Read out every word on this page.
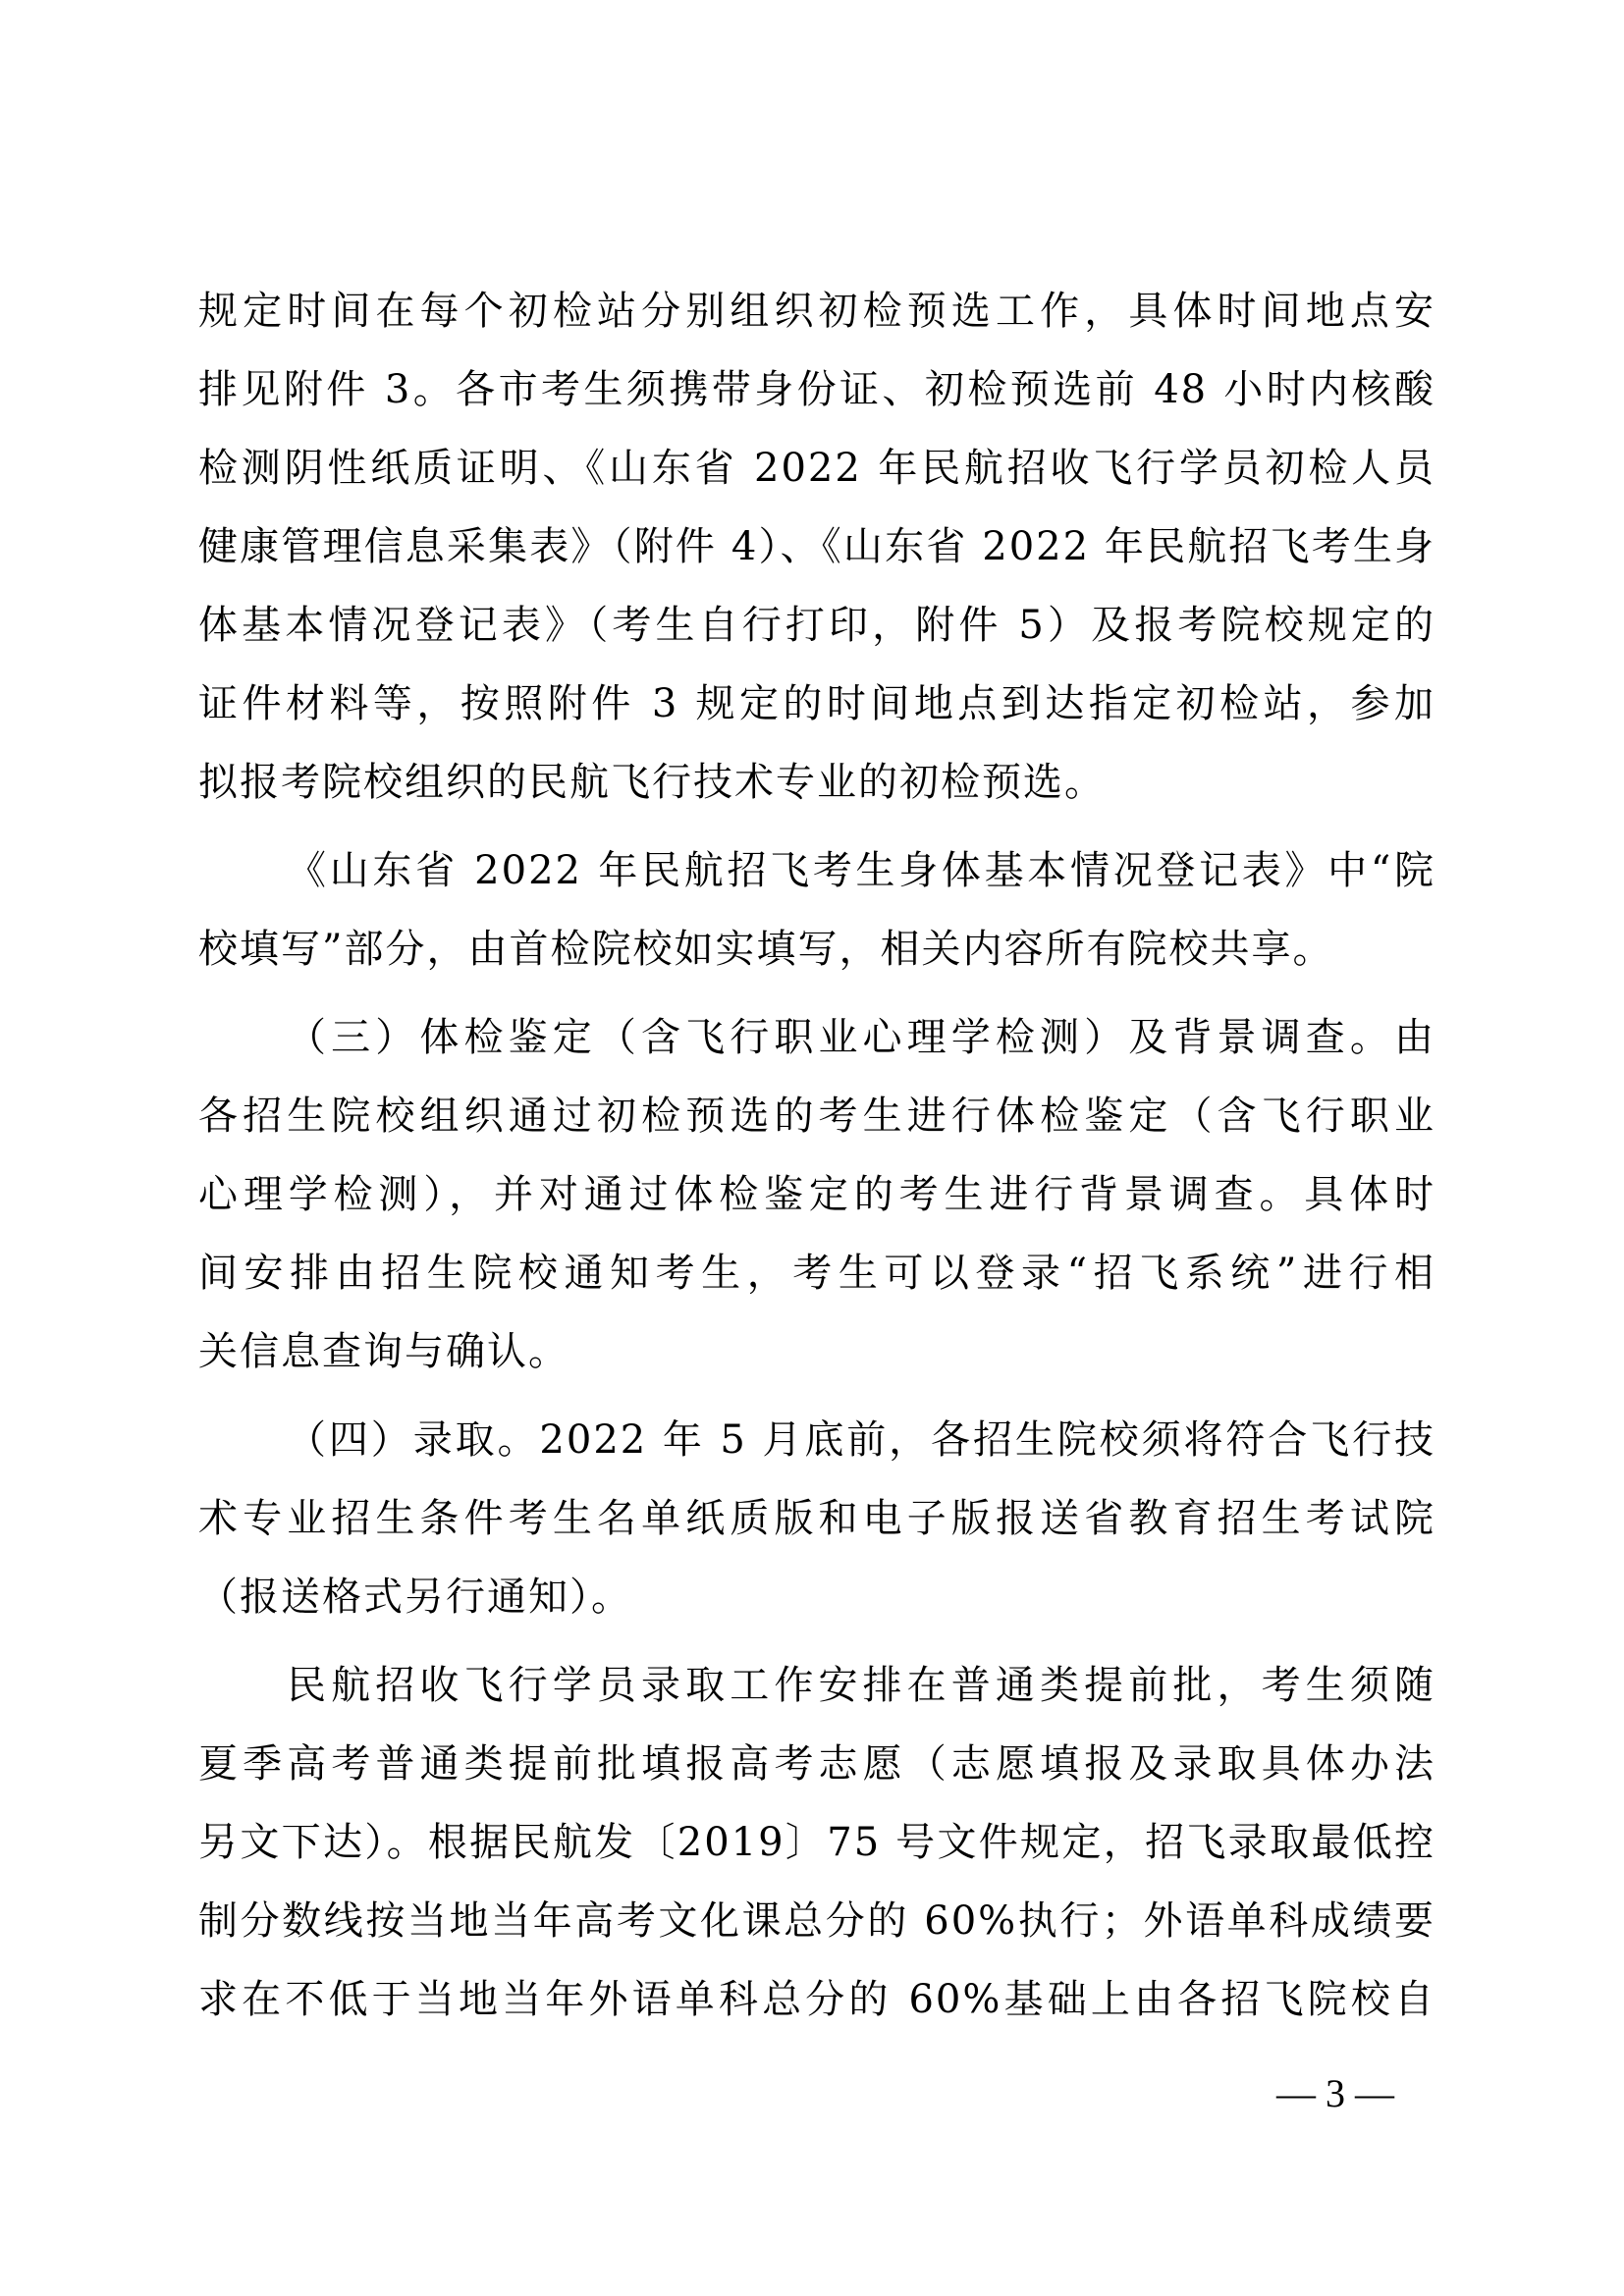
规定时间在每个初检站分别组织初检预选工作，具体时间地点安
排见附件 3。各市考生须携带身份证、初检预选前 48 小时内核酸
检测阴性纸质证明、《山东省 2022 年民航招收飞行学员初检人员
健康管理信息采集表》（附件 4）、《山东省 2022 年民航招飞考生身
体基本情况登记表》（考生自行打印，附件 5）及报考院校规定的
证件材料等，按照附件 3 规定的时间地点到达指定初检站，参加
拟报考院校组织的民航飞行技术专业的初检预选。
《山东省 2022 年民航招飞考生身体基本情况登记表》中“院
校填写”部分，由首检院校如实填写，相关内容所有院校共享。
（三）体检鉴定（含飞行职业心理学检测）及背景调查。由
各招生院校组织通过初检预选的考生进行体检鉴定（含飞行职业
心理学检测），并对通过体检鉴定的考生进行背景调查。具体时
间安排由招生院校通知考生，考生可以登录“招飞系统”进行相
关信息查询与确认。
（四）录取。2022 年 5 月底前，各招生院校须将符合飞行技
术专业招生条件考生名单纸质版和电子版报送省教育招生考试院
（报送格式另行通知）。
民航招收飞行学员录取工作安排在普通类提前批，考生须随
夏季高考普通类提前批填报高考志愿（志愿填报及录取具体办法
另文下达）。根据民航发〔2019〕75 号文件规定，招飞录取最低控
制分数线按当地当年高考文化课总分的 60%执行；外语单科成绩要
求在不低于当地当年外语单科总分的 60%基础上由各招飞院校自
— 3 —
